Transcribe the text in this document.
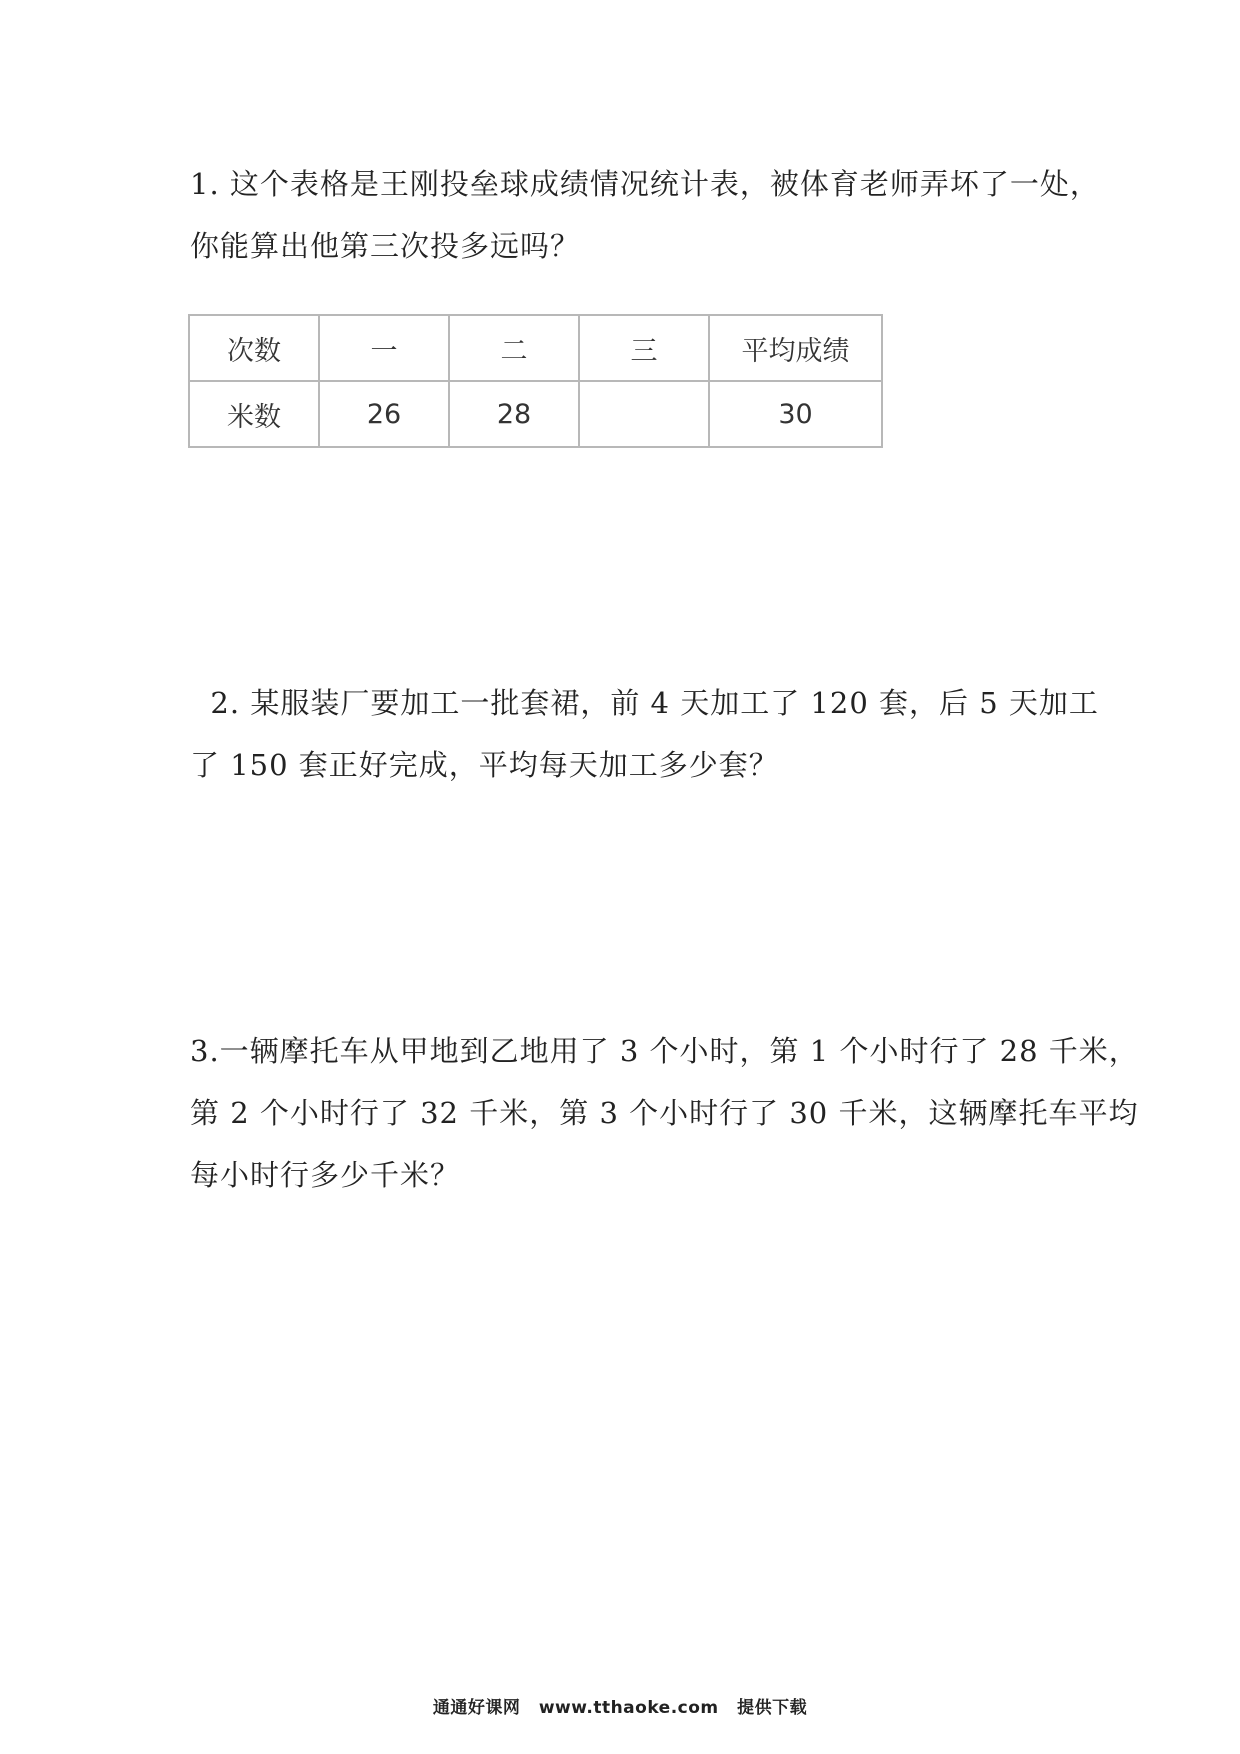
1. 这个表格是王刚投垒球成绩情况统计表，被体育老师弄坏了一处，

你能算出他第三次投多远吗？

次数	一	二	三	平均成绩
米数	26	28		30

2. 某服装厂要加工一批套裙，前 4 天加工了 120 套，后 5 天加工

了 150 套正好完成，平均每天加工多少套？

3.一辆摩托车从甲地到乙地用了 3 个小时，第 1 个小时行了 28 千米，

第 2 个小时行了 32 千米，第 3 个小时行了 30 千米，这辆摩托车平均

每小时行多少千米？

通通好课网 www.tthaoke.com 提供下载
